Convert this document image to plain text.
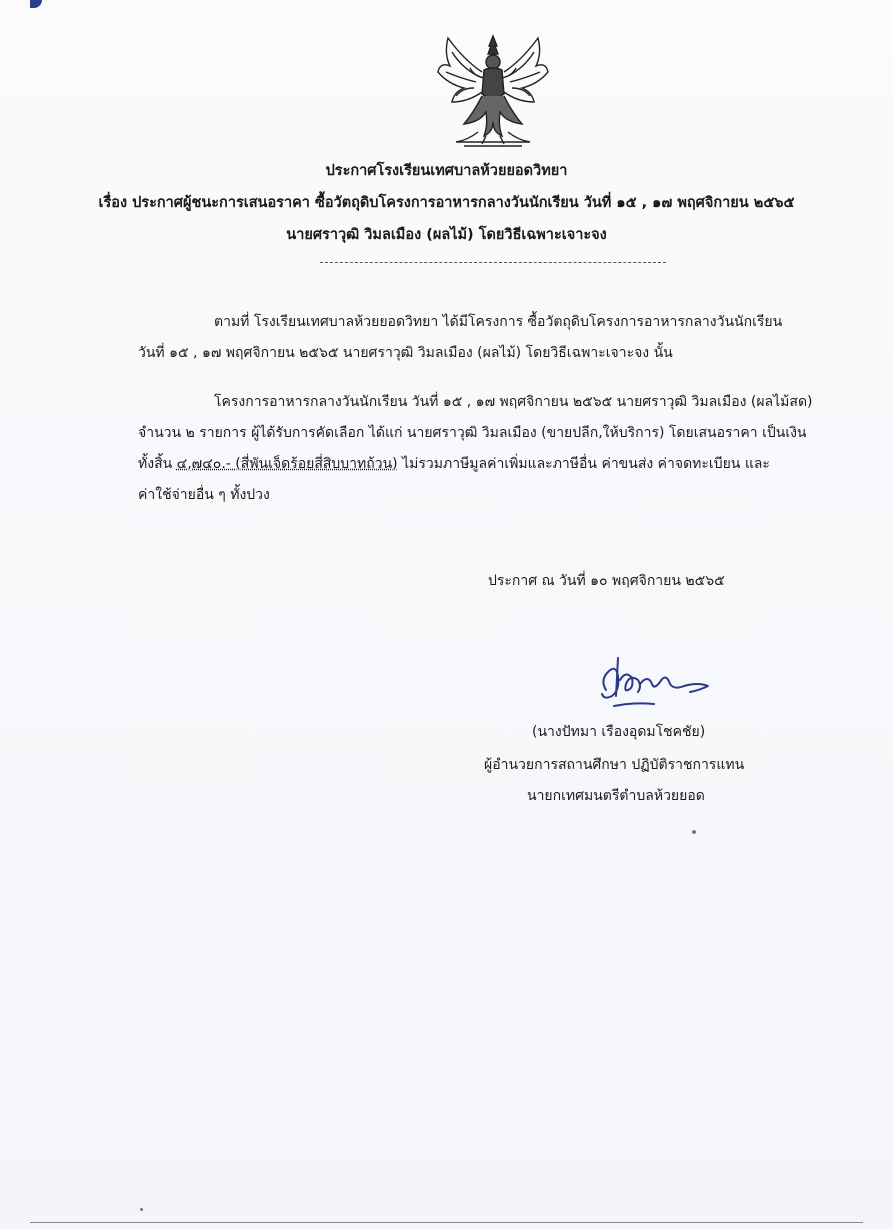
ประกาศโรงเรียนเทศบาลห้วยยอดวิทยา
เรื่อง ประกาศผู้ชนะการเสนอราคา ซื้อวัตถุดิบโครงการอาหารกลางวันนักเรียน วันที่ ๑๕ , ๑๗ พฤศจิกายน ๒๕๖๕
นายศราวุฒิ วิมลเมือง (ผลไม้) โดยวิธีเฉพาะเจาะจง
ตามที่ โรงเรียนเทศบาลห้วยยอดวิทยา ได้มีโครงการ ซื้อวัตถุดิบโครงการอาหารกลางวันนักเรียน
วันที่ ๑๕ , ๑๗ พฤศจิกายน ๒๕๖๕ นายศราวุฒิ วิมลเมือง (ผลไม้) โดยวิธีเฉพาะเจาะจง นั้น
โครงการอาหารกลางวันนักเรียน วันที่ ๑๕ , ๑๗ พฤศจิกายน ๒๕๖๕ นายศราวุฒิ วิมลเมือง (ผลไม้สด)
จำนวน ๒ รายการ ผู้ได้รับการคัดเลือก ได้แก่ นายศราวุฒิ วิมลเมือง (ขายปลีก,ให้บริการ) โดยเสนอราคา เป็นเงิน
ทั้งสิ้น ๔,๗๔๐.- (สี่พันเจ็ดร้อยสี่สิบบาทถ้วน) ไม่รวมภาษีมูลค่าเพิ่มและภาษีอื่น ค่าขนส่ง ค่าจดทะเบียน และ
ค่าใช้จ่ายอื่น ๆ ทั้งปวง
ประกาศ ณ วันที่ ๑๐ พฤศจิกายน ๒๕๖๕
(นางปัทมา เรืองอุดมโชคชัย)
ผู้อำนวยการสถานศึกษา ปฏิบัติราชการแทน
นายกเทศมนตรีตำบลห้วยยอด
